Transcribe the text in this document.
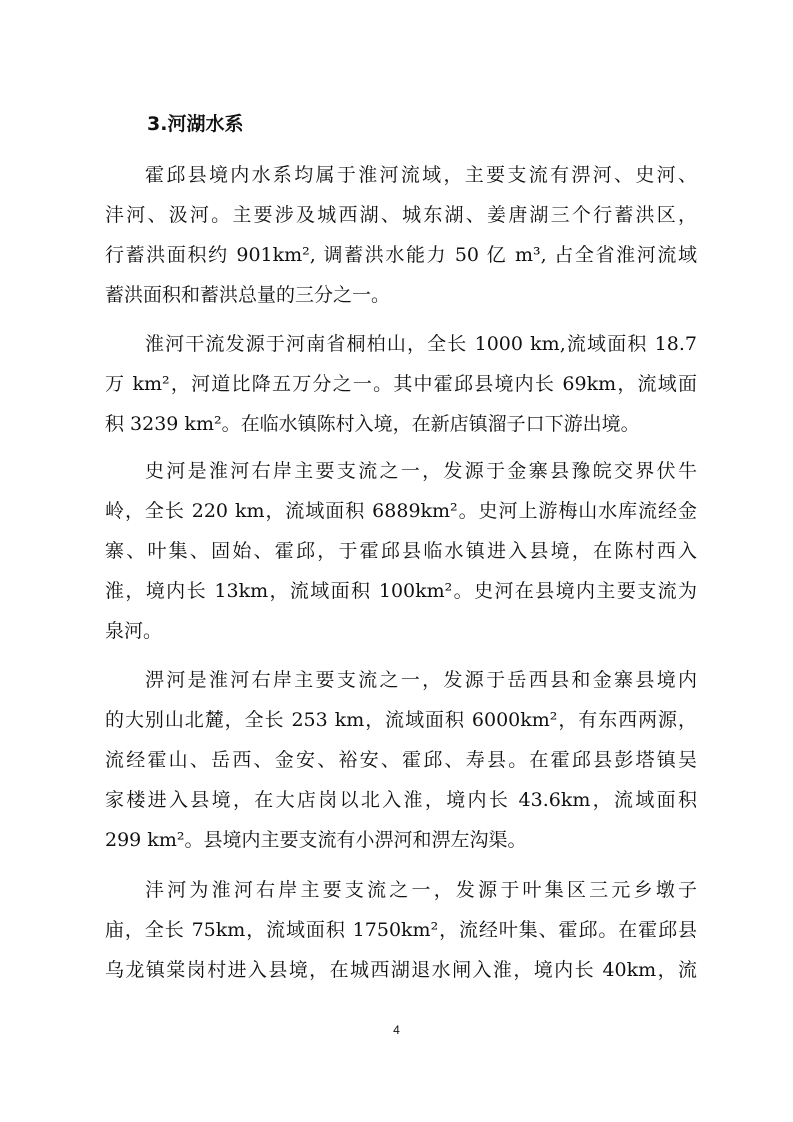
3.河湖水系
霍邱县境内水系均属于淮河流域，主要支流有淠河、史河、
沣河、汲河。主要涉及城西湖、城东湖、姜唐湖三个行蓄洪区，
行蓄洪面积约 901km², 调蓄洪水能力 50 亿 m³, 占全省淮河流域
蓄洪面积和蓄洪总量的三分之一。
淮河干流发源于河南省桐柏山，全长 1000 km,流域面积 18.7
万 km²，河道比降五万分之一。其中霍邱县境内长 69km，流域面
积 3239 km²。在临水镇陈村入境，在新店镇溜子口下游出境。
史河是淮河右岸主要支流之一，发源于金寨县豫皖交界伏牛
岭，全长 220 km，流域面积 6889km²。史河上游梅山水库流经金
寨、叶集、固始、霍邱，于霍邱县临水镇进入县境，在陈村西入
淮，境内长 13km，流域面积 100km²。史河在县境内主要支流为
泉河。
淠河是淮河右岸主要支流之一，发源于岳西县和金寨县境内
的大别山北麓，全长 253 km，流域面积 6000km²，有东西两源，
流经霍山、岳西、金安、裕安、霍邱、寿县。在霍邱县彭塔镇吴
家楼进入县境，在大店岗以北入淮，境内长 43.6km，流域面积
299 km²。县境内主要支流有小淠河和淠左沟渠。
沣河为淮河右岸主要支流之一，发源于叶集区三元乡墩子
庙，全长 75km，流域面积 1750km²，流经叶集、霍邱。在霍邱县
乌龙镇棠岗村进入县境，在城西湖退水闸入淮，境内长 40km，流
4
